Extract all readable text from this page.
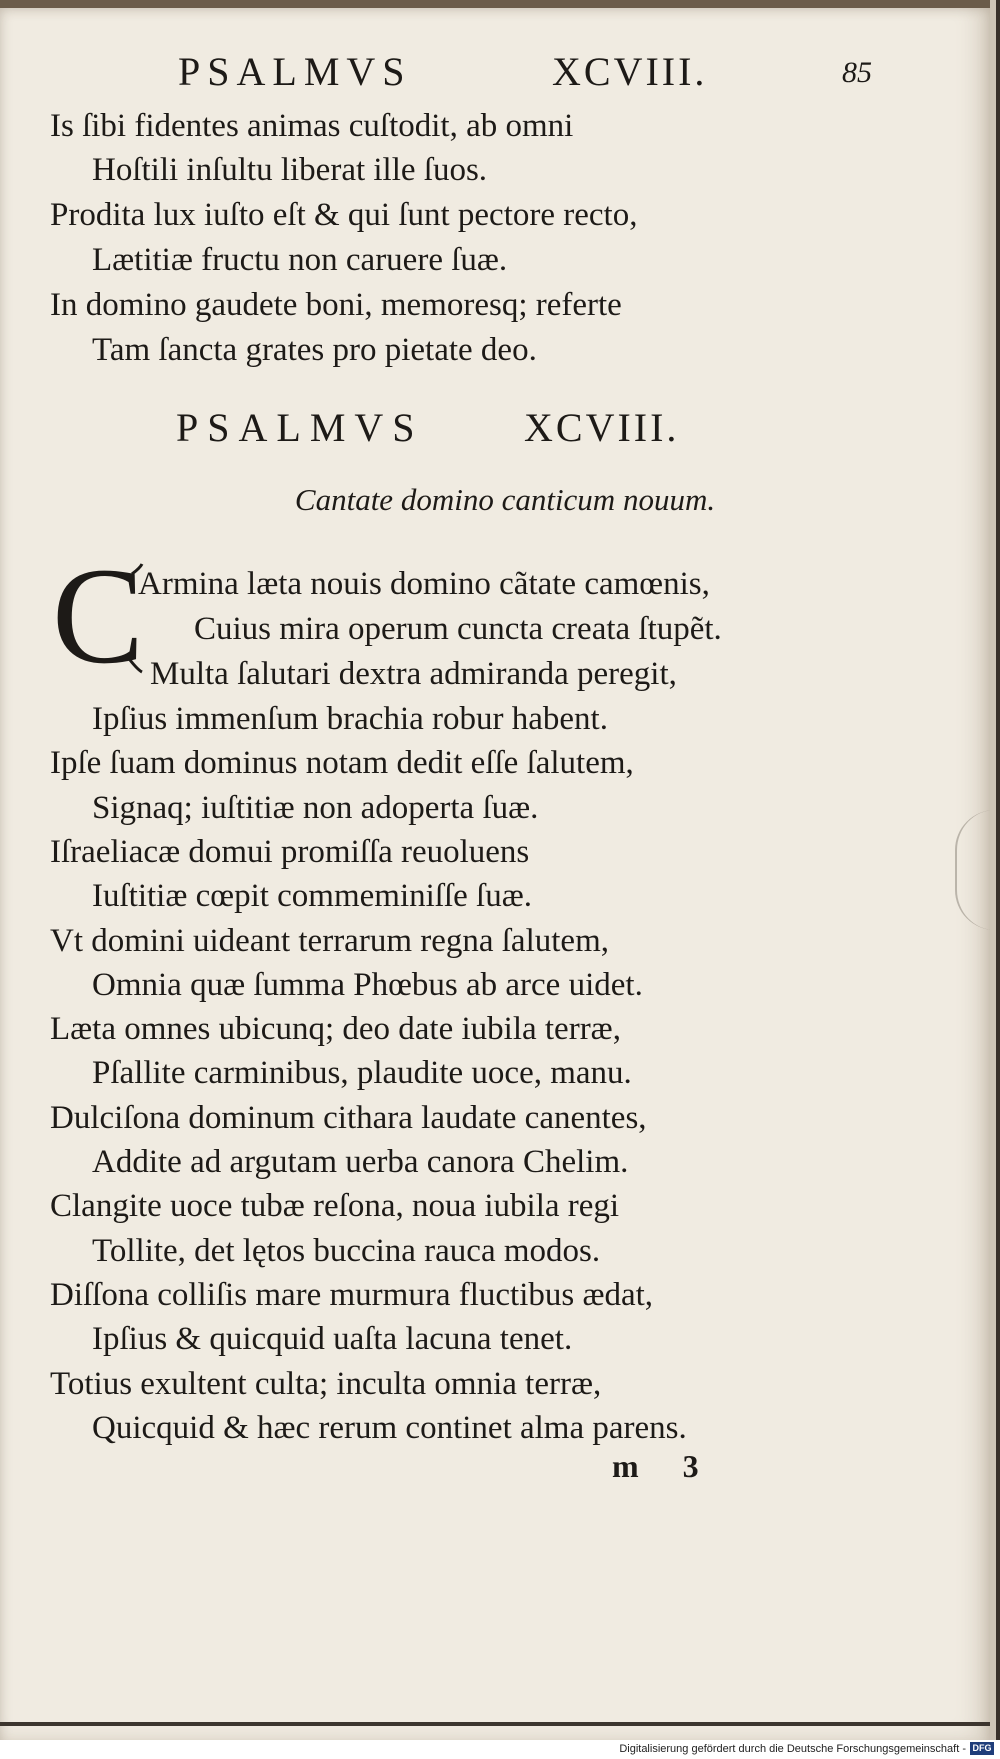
PSALMVS	XCVIII.	85
Is ſibi fidentes animas cuſtodit, ab omni
Hoſtili inſultu liberat ille ſuos.
Prodita lux iuſto eſt & qui ſunt pectore recto,
Lætitiæ fructu non caruere ſuæ.
In domino gaudete boni, memoresq; referte
Tam ſancta grates pro pietate deo.
PSALMVS	XCVIII.
Cantate domino canticum nouum.
C
Armina læta nouis domino cãtate camœnis,
Cuius mira operum cuncta creata ſtupẽt.
Multa ſalutari dextra admiranda peregit,
Ipſius immenſum brachia robur habent.
Ipſe ſuam dominus notam dedit eſſe ſalutem,
Signaq; iuſtitiæ non adoperta ſuæ.
Iſraeliacæ domui promiſſa reuoluens
Iuſtitiæ cœpit commeminiſſe ſuæ.
Vt domini uideant terrarum regna ſalutem,
Omnia quæ ſumma Phœbus ab arce uidet.
Læta omnes ubicunq; deo date iubila terræ,
Pſallite carminibus, plaudite uoce, manu.
Dulciſona dominum cithara laudate canentes,
Addite ad argutam uerba canora Chelim.
Clangite uoce tubæ reſona, noua iubila regi
Tollite, det lętos buccina rauca modos.
Diſſona colliſis mare murmura fluctibus ædat,
Ipſius & quicquid uaſta lacuna tenet.
Totius exultent culta; inculta omnia terræ,
Quicquid & hæc rerum continet alma parens.
m 3
Digitalisierung gefördert durch die Deutsche Forschungsgemeinschaft - DFG
